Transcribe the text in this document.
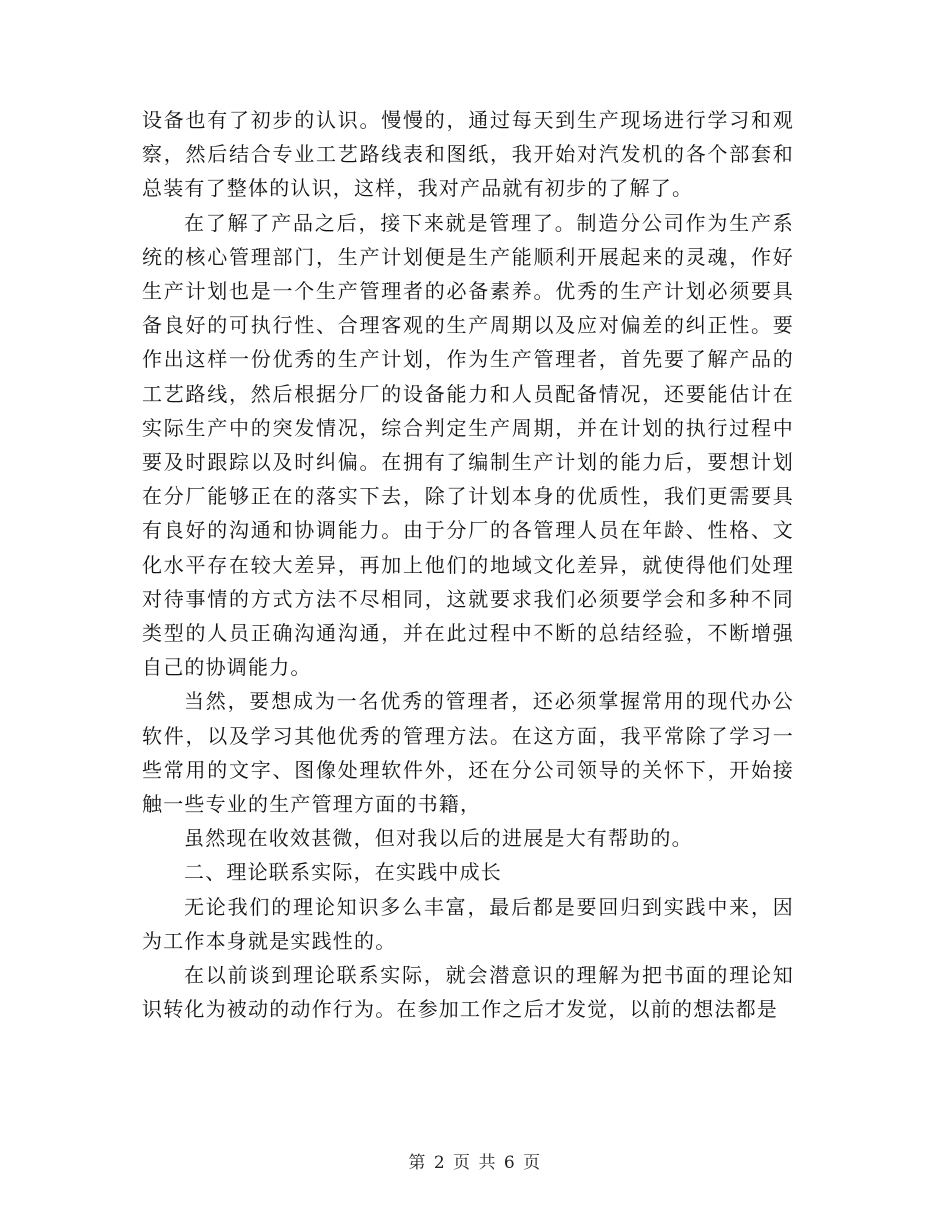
设备也有了初步的认识。慢慢的，通过每天到生产现场进行学习和观察，然后结合专业工艺路线表和图纸，我开始对汽发机的各个部套和总装有了整体的认识，这样，我对产品就有初步的了解了。

在了解了产品之后，接下来就是管理了。制造分公司作为生产系统的核心管理部门，生产计划便是生产能顺利开展起来的灵魂，作好生产计划也是一个生产管理者的必备素养。优秀的生产计划必须要具备良好的可执行性、合理客观的生产周期以及应对偏差的纠正性。要作出这样一份优秀的生产计划，作为生产管理者，首先要了解产品的工艺路线，然后根据分厂的设备能力和人员配备情况，还要能估计在实际生产中的突发情况，综合判定生产周期，并在计划的执行过程中要及时跟踪以及时纠偏。在拥有了编制生产计划的能力后，要想计划在分厂能够正在的落实下去，除了计划本身的优质性，我们更需要具有良好的沟通和协调能力。由于分厂的各管理人员在年龄、性格、文化水平存在较大差异，再加上他们的地域文化差异，就使得他们处理对待事情的方式方法不尽相同，这就要求我们必须要学会和多种不同类型的人员正确沟通沟通，并在此过程中不断的总结经验，不断增强自己的协调能力。

当然，要想成为一名优秀的管理者，还必须掌握常用的现代办公软件，以及学习其他优秀的管理方法。在这方面，我平常除了学习一些常用的文字、图像处理软件外，还在分公司领导的关怀下，开始接触一些专业的生产管理方面的书籍，

虽然现在收效甚微，但对我以后的进展是大有帮助的。

二、理论联系实际，在实践中成长

无论我们的理论知识多么丰富，最后都是要回归到实践中来，因为工作本身就是实践性的。

在以前谈到理论联系实际，就会潜意识的理解为把书面的理论知识转化为被动的动作行为。在参加工作之后才发觉，以前的想法都是

第 2 页 共 6 页
